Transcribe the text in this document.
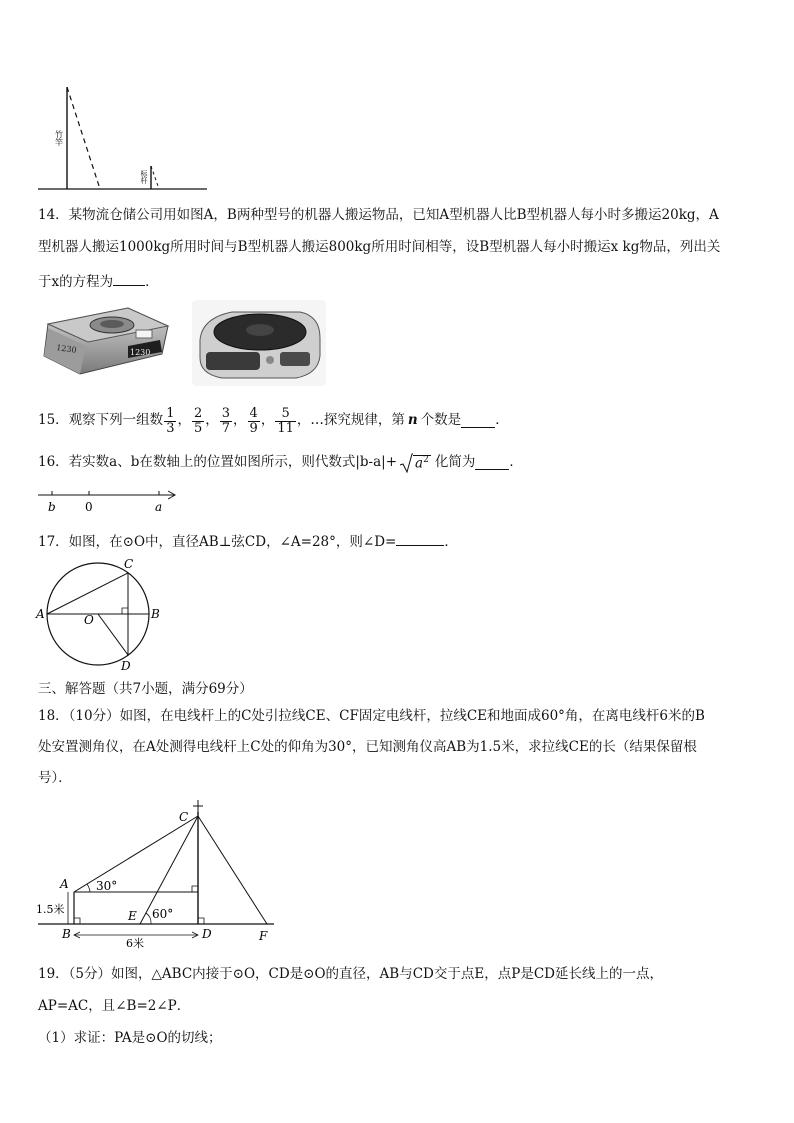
竹竿
标杆
14．某物流仓储公司用如图A，B两种型号的机器人搬运物品，已知A型机器人比B型机器人每小时多搬运20kg，A
型机器人搬运1000kg所用时间与B型机器人搬运800kg所用时间相等，设B型机器人每小时搬运x kg物品，列出关
于x的方程为 ．
1230
1230
15．观察下列一组数 $\frac{1}{3}$ ， $\frac{2}{5}$ ， $\frac{3}{7}$ ， $\frac{4}{9}$ ， $\frac{5}{11}$ ，…探究规律，第 n 个数是	．
16．若实数a、b在数轴上的位置如图所示，则代数式$|b-a|+ a^2$ 化简为	．
b 0	a
17．如图，在⊙O中，直径AB⊥弦CD，∠A=28°，则∠D=	．
A	B
C
D
O
三、解答题（共7小题，满分69分）
18．（10分）如图，在电线杆上的C处引拉线CE、CF固定电线杆，拉线CE和地面成60°角，在离电线杆6米的B
处安置测角仪，在A处测得电线杆上C处的仰角为30°，已知测角仪高AB为1.5米，求拉线CE的长（结果保留根
号）．
C
A
B	D
E
F
30°
60°
1.5米
6米
19．（5分）如图，△ABC内接于⊙O，CD是⊙O的直径，AB与CD交于点E，点P是CD延长线上的一点，
AP=AC，且∠B=2∠P．
（1）求证：PA是⊙O的切线；
